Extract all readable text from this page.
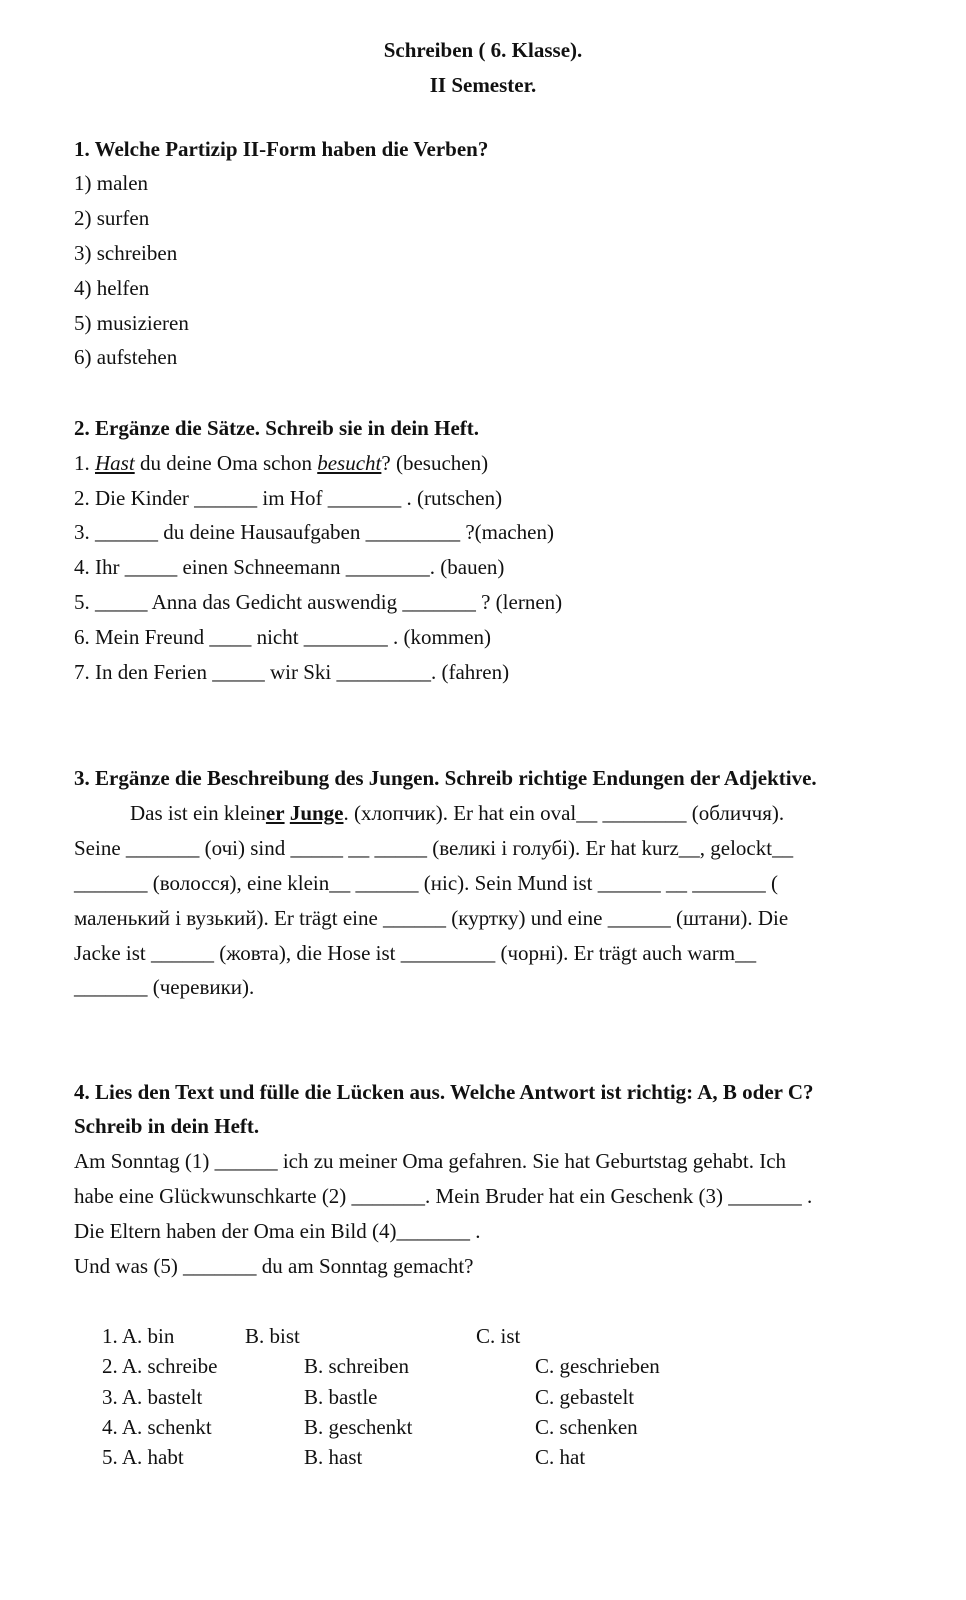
Schreiben ( 6. Klasse).
II Semester.
1. Welche Partizip II-Form haben die Verben?
1) malen
2) surfen
3) schreiben
4) helfen
5) musizieren
6) aufstehen
2. Ergänze die Sätze. Schreib sie in dein Heft.
1. Hast du deine Oma schon besucht? (besuchen)
2. Die Kinder ______ im Hof _______ . (rutschen)
3. ______ du deine Hausaufgaben _________ ?(machen)
4. Ihr _____ einen Schneemann ________. (bauen)
5. _____ Anna das Gedicht auswendig _______ ? (lernen)
6. Mein Freund ____ nicht ________ . (kommen)
7. In den Ferien _____ wir Ski _________. (fahren)
3. Ergänze die Beschreibung des Jungen. Schreib richtige Endungen der Adjektive.
Das ist ein kleiner Junge. (хлопчик). Er hat ein oval__ ________ (обличчя).
Seine _______ (очі) sind _____ __ _____ (великі і голубі). Er hat kurz__, gelockt__
_______ (волосся), eine klein__ ______ (ніс). Sein Mund ist ______ __ _______ (
маленький і вузький). Er trägt eine ______ (куртку) und eine ______ (штани). Die
Jacke ist ______ (жовта), die Hose ist _________ (чорні). Er trägt auch warm__
_______ (черевики).
4. Lies den Text und fülle die Lücken aus. Welche Antwort ist richtig: A, B oder C?
Schreib in dein Heft.
Am Sonntag (1) ______ ich zu meiner Oma gefahren. Sie hat Geburtstag gehabt. Ich
habe eine Glückwunschkarte (2) _______. Mein Bruder hat ein Geschenk (3) _______ .
Die Eltern haben der Oma ein Bild (4)_______ .
Und was (5) _______ du am Sonntag gemacht?
1. A. bin	B. bist	C. ist
2. A. schreibe	B. schreiben	C. geschrieben
3. A. bastelt	B. bastle	C. gebastelt
4. A. schenkt	B. geschenkt	C. schenken
5. A. habt	B. hast	C. hat
